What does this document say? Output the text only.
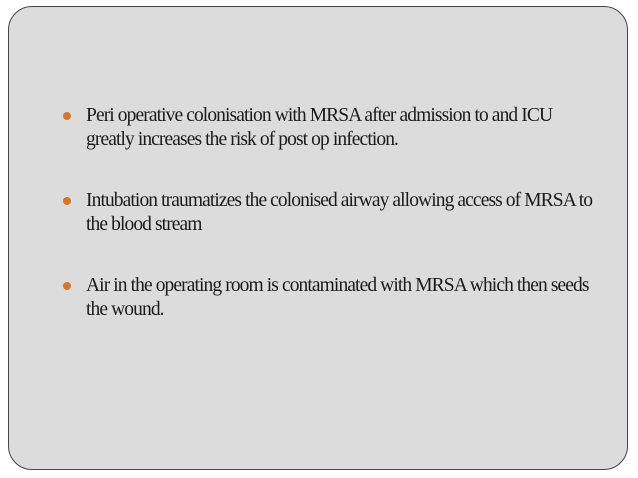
Peri operative colonisation with MRSA after admission to and ICU greatly increases the risk of post op infection.
Intubation traumatizes the colonised airway allowing access of MRSA to the blood stream
Air in the operating room is contaminated with MRSA which then seeds the wound.
